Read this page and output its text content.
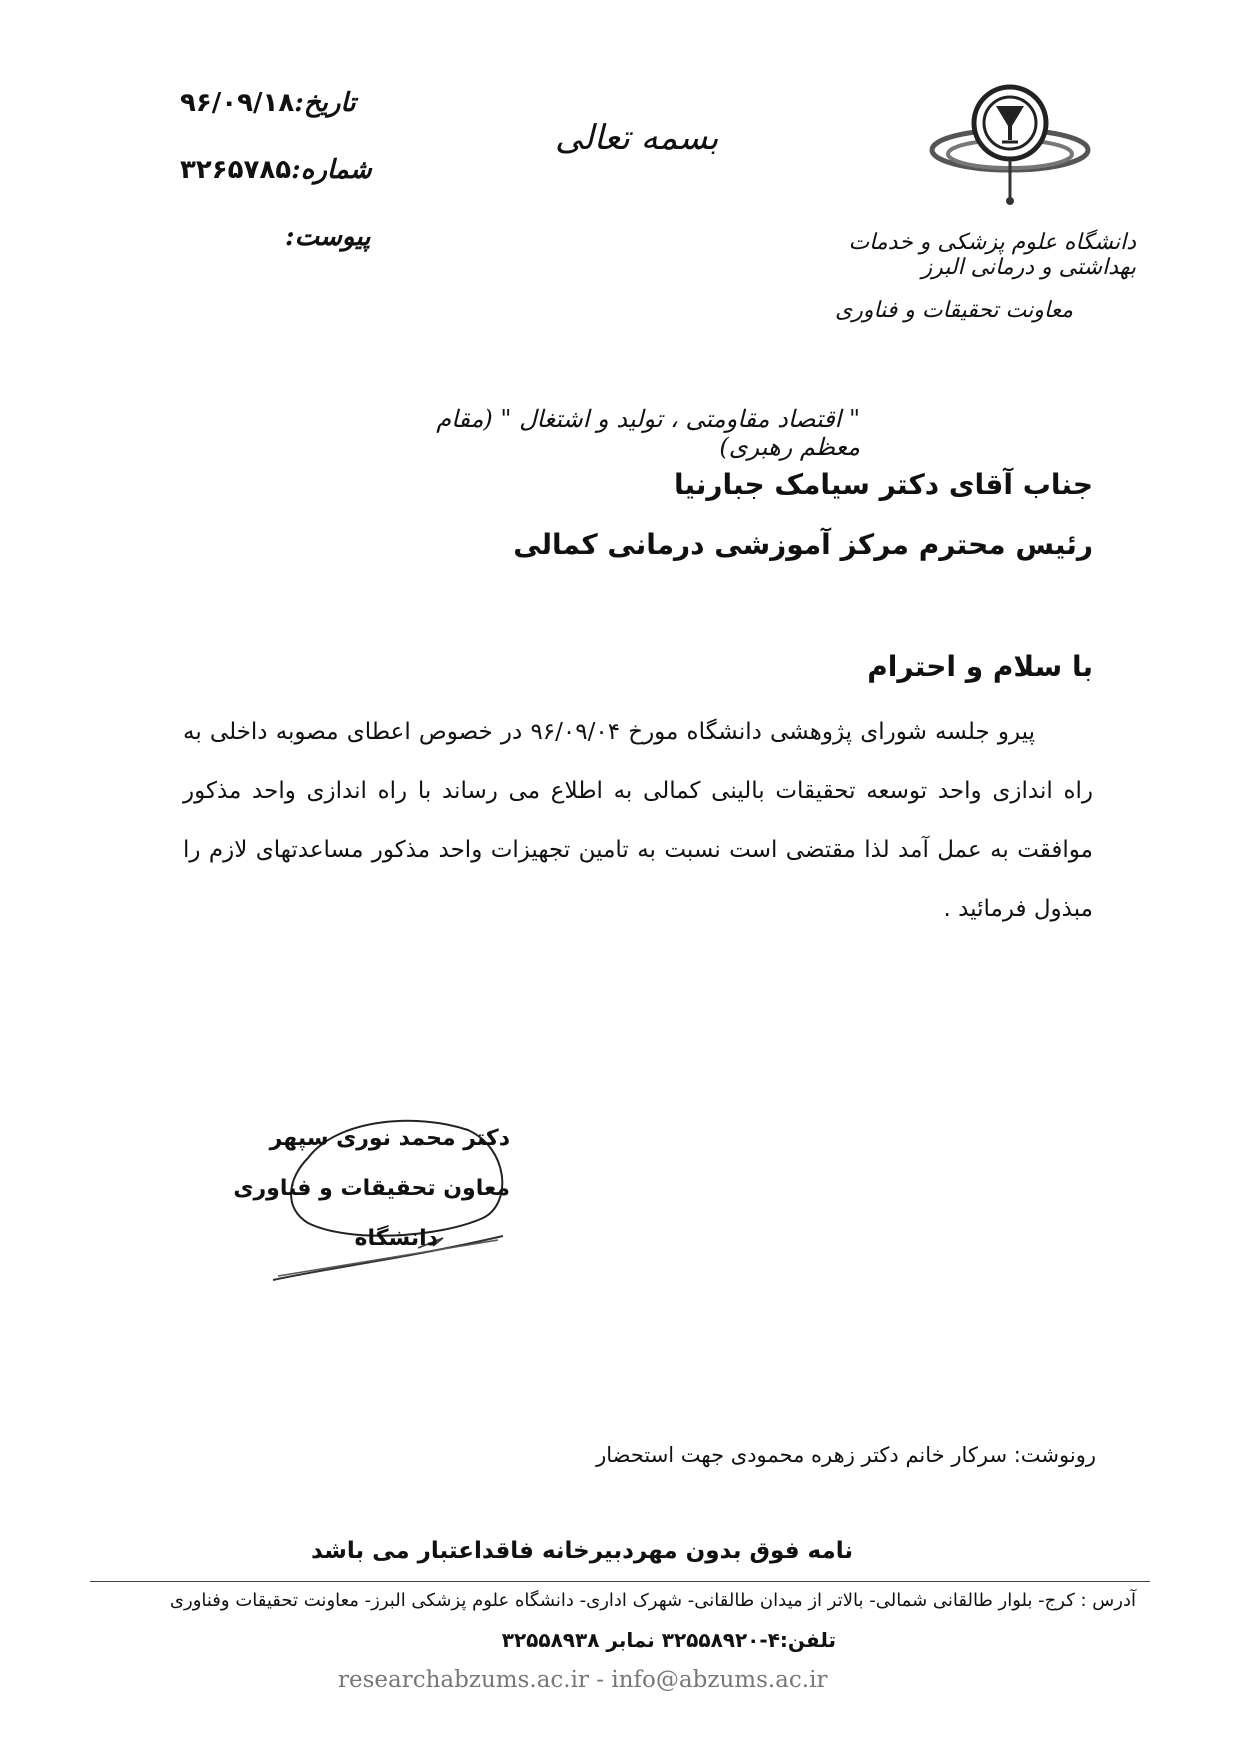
دانشگاه علوم پزشکی و خدمات بهداشتی و درمانی البرز
معاونت تحقیقات و فناوری
بسمه تعالی
تاریخ:۹۶/۰۹/۱۸
شماره:۳۲۶۵۷۸۵
پیوست:
" اقتصاد مقاومتی ، تولید و اشتغال " (مقام معظم رهبری)
جناب آقای دکتر سیامک جبارنیا
رئیس محترم مرکز آموزشی درمانی کمالی
با سلام و احترام
پیرو جلسه شورای پژوهشی دانشگاه مورخ ۹۶/۰۹/۰۴ در خصوص اعطای مصوبه داخلی به راه اندازی واحد توسعه تحقیقات بالینی کمالی به اطلاع می رساند با راه اندازی واحد مذکور موافقت به عمل آمد لذا مقتضی است نسبت به تامین تجهیزات واحد مذکور مساعدتهای لازم را مبذول فرمائید .
دکتر محمد نوری سپهر
معاون تحقیقات و فناوری
دانشگاه
رونوشت: سرکار خانم دکتر زهره محمودی جهت استحضار
نامه فوق بدون مهردبیرخانه فاقداعتبار می باشد
آدرس : کرج- بلوار طالقانی شمالی- بالاتر از میدان طالقانی- شهرک اداری- دانشگاه علوم پزشکی البرز- معاونت تحقیقات وفناوری
تلفن:۴-۳۲۵۵۸۹۲۰ نمابر ۳۲۵۵۸۹۳۸
researchabzums.ac.ir - info@abzums.ac.ir
